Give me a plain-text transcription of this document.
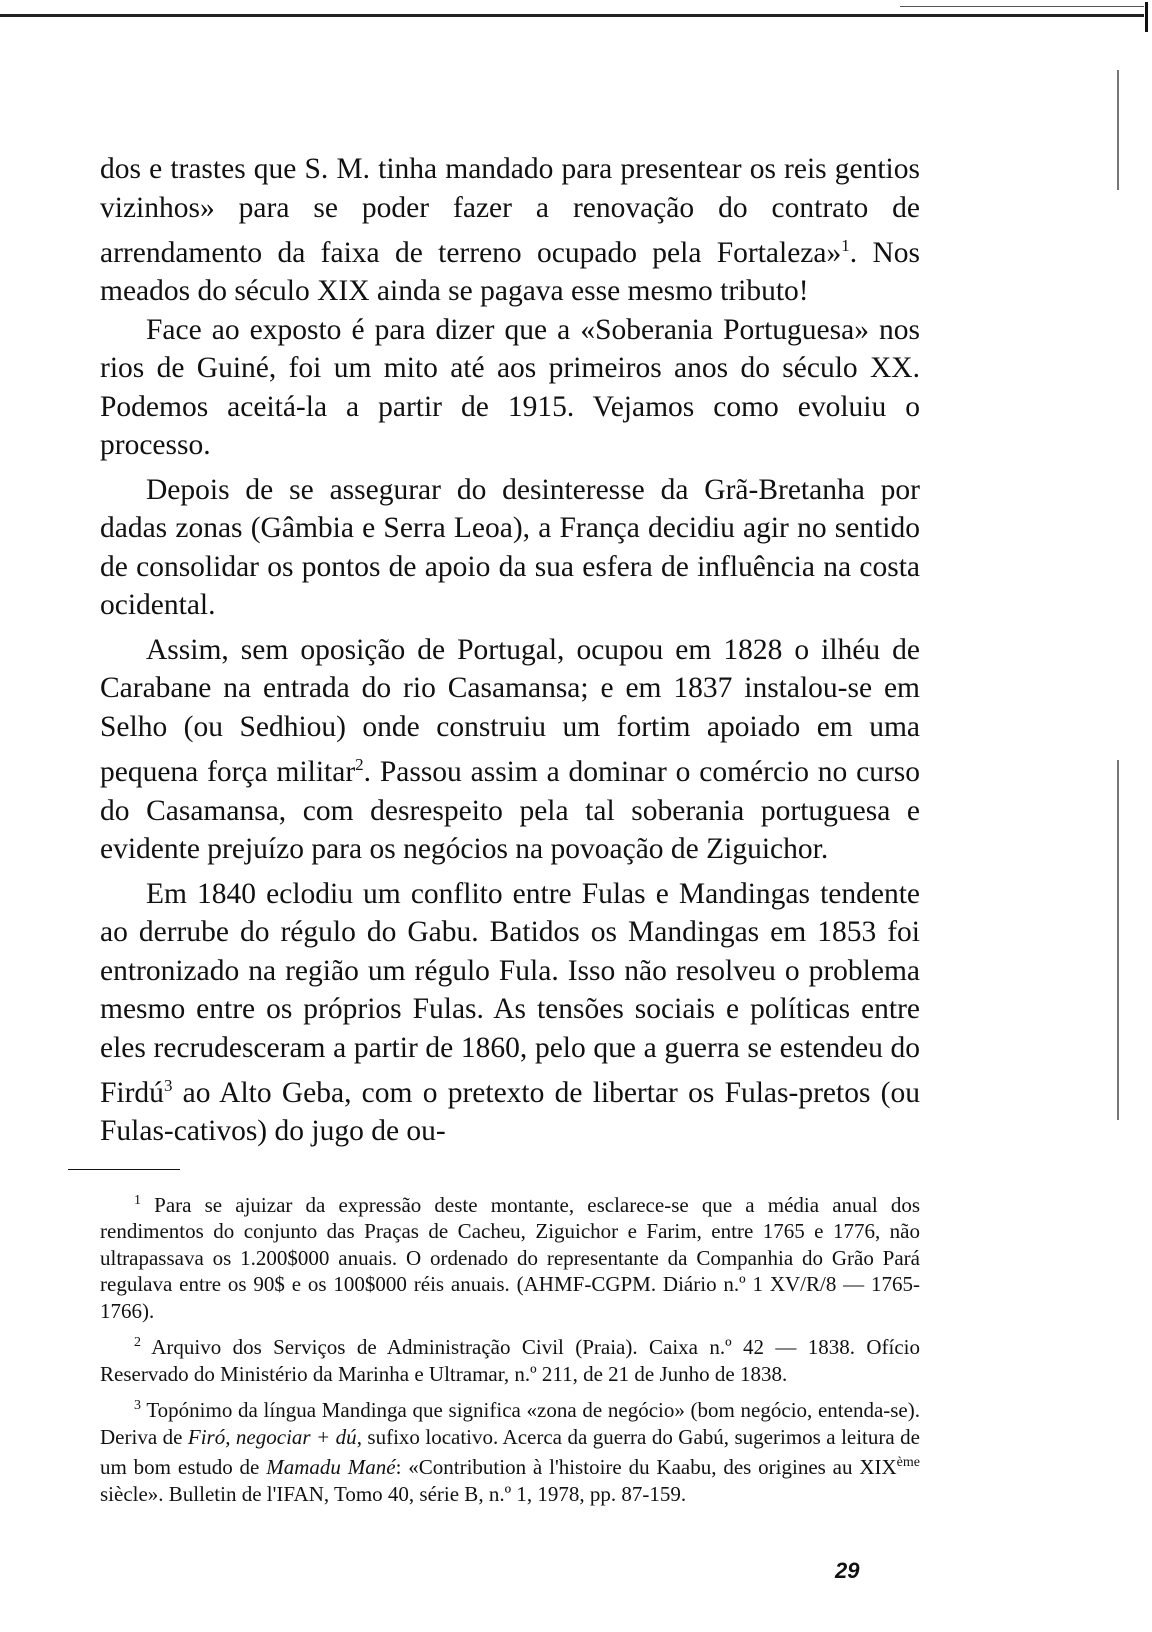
dos e trastes que S. M. tinha mandado para presentear os reis gentios vizinhos» para se poder fazer a renovação do contrato de arrendamento da faixa de terreno ocupado pela Fortaleza»$^1$. Nos meados do século XIX ainda se pagava esse mesmo tributo!

Face ao exposto é para dizer que a «Soberania Portuguesa» nos rios de Guiné, foi um mito até aos primeiros anos do século XX. Podemos aceitá-la a partir de 1915. Vejamos como evoluiu o processo.

Depois de se assegurar do desinteresse da Grã-Bretanha por dadas zonas (Gâmbia e Serra Leoa), a França decidiu agir no sentido de consolidar os pontos de apoio da sua esfera de influência na costa ocidental.

Assim, sem oposição de Portugal, ocupou em 1828 o ilhéu de Carabane na entrada do rio Casamansa; e em 1837 instalou-se em Selho (ou Sedhiou) onde construiu um fortim apoiado em uma pequena força militar$^2$. Passou assim a dominar o comércio no curso do Casamansa, com desrespeito pela tal soberania portuguesa e evidente prejuízo para os negócios na povoação de Ziguichor.

Em 1840 eclodiu um conflito entre Fulas e Mandingas tendente ao derrube do régulo do Gabu. Batidos os Mandingas em 1853 foi entronizado na região um régulo Fula. Isso não resolveu o problema mesmo entre os próprios Fulas. As tensões sociais e políticas entre eles recrudesceram a partir de 1860, pelo que a guerra se estendeu do Firdú$^3$ ao Alto Geba, com o pretexto de libertar os Fulas-pretos (ou Fulas-cativos) do jugo de ou-

$^1$ Para se ajuizar da expressão deste montante, esclarece-se que a média anual dos rendimentos do conjunto das Praças de Cacheu, Ziguichor e Farim, entre 1765 e 1776, não ultrapassava os 1.200$000 anuais. O ordenado do representante da Companhia do Grão Pará regulava entre os 90$ e os 100$000 réis anuais. (AHMF-CGPM. Diário n.º 1 XV/R/8 — 1765-1766).

$^2$ Arquivo dos Serviços de Administração Civil (Praia). Caixa n.º 42 — 1838. Ofício Reservado do Ministério da Marinha e Ultramar, n.º 211, de 21 de Junho de 1838.

$^3$ Topónimo da língua Mandinga que significa «zona de negócio» (bom negócio, entenda-se). Deriva de Firó, negociar + dú, sufixo locativo. Acerca da guerra do Gabú, sugerimos a leitura de um bom estudo de Mamadu Mané: «Contribution à l'histoire du Kaabu, des origines au XIXème siècle». Bulletin de l'IFAN, Tomo 40, série B, n.º 1, 1978, pp. 87-159.

29
